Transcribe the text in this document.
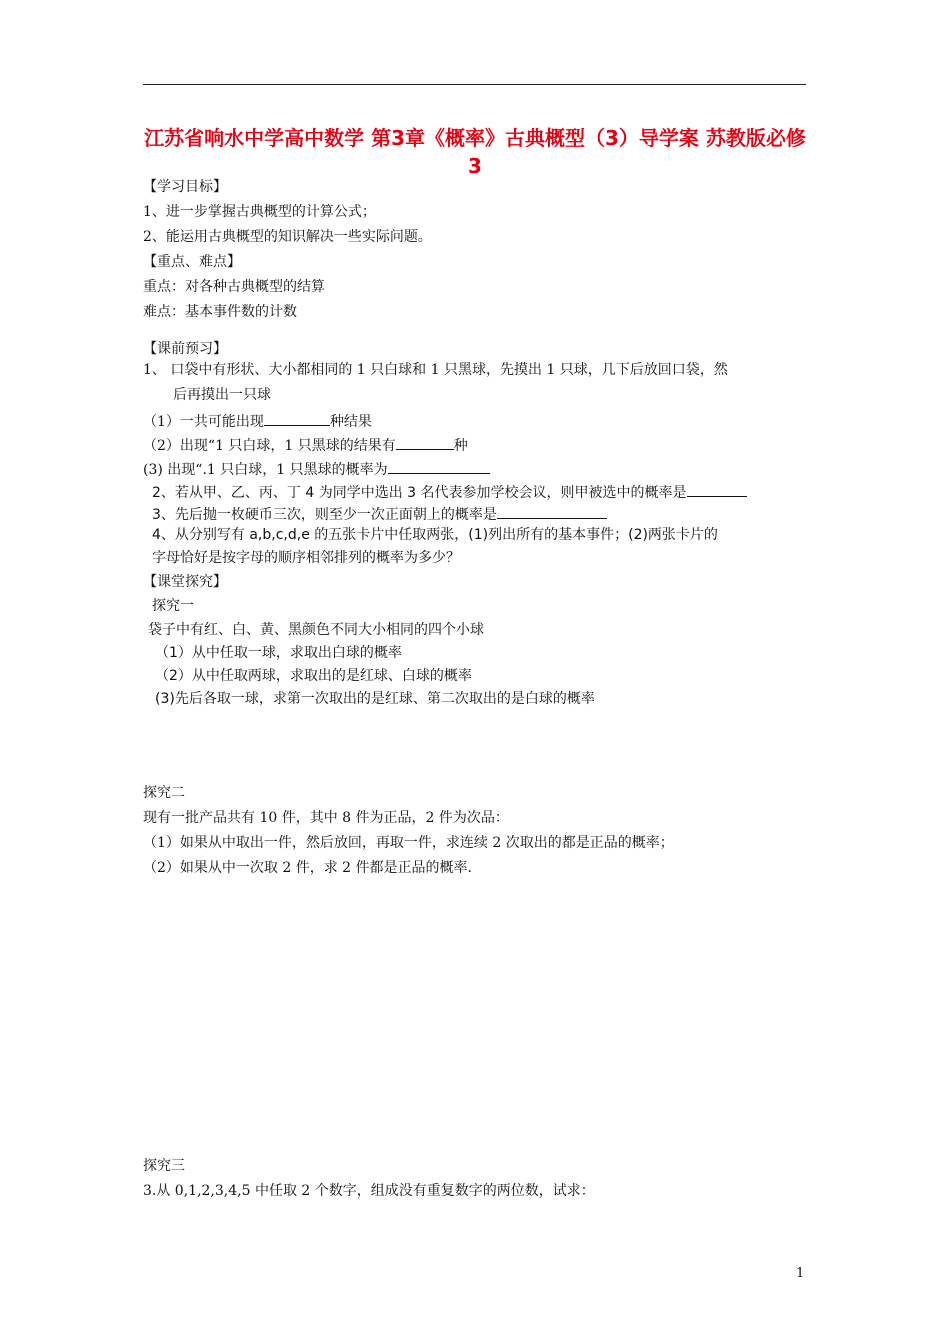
江苏省响水中学高中数学 第3章《概率》古典概型（3）导学案 苏教版必修3
【学习目标】
1、进一步掌握古典概型的计算公式；
2、能运用古典概型的知识解决一些实际问题。
【重点、难点】
重点：对各种古典概型的结算
难点：基本事件数的计数
【课前预习】
1、 口袋中有形状、大小都相同的 1 只白球和 1 只黑球，先摸出 1 只球，几下后放回口袋，然
后再摸出一只球
（1）一共可能出现	种结果
（2）出现“1 只白球，1 只黑球的结果有	种
(3) 出现“.1 只白球，1 只黑球的概率为
2、若从甲、乙、丙、丁 4 为同学中选出 3 名代表参加学校会议，则甲被选中的概率是
3、先后抛一枚硬币三次，则至少一次正面朝上的概率是
4、从分别写有 a,b,c,d,e 的五张卡片中任取两张，(1)列出所有的基本事件；(2)两张卡片的
字母恰好是按字母的顺序相邻排列的概率为多少？
【课堂探究】
探究一
袋子中有红、白、黄、黑颜色不同大小相同的四个小球
（1）从中任取一球，求取出白球的概率
（2）从中任取两球，求取出的是红球、白球的概率
(3)先后各取一球，求第一次取出的是红球、第二次取出的是白球的概率
探究二
现有一批产品共有 10 件，其中 8 件为正品，2 件为次品：
（1）如果从中取出一件，然后放回，再取一件，求连续 2 次取出的都是正品的概率；
（2）如果从中一次取 2 件，求 2 件都是正品的概率.
探究三
3.从 0,1,2,3,4,5 中任取 2 个数字，组成没有重复数字的两位数，试求：
1
